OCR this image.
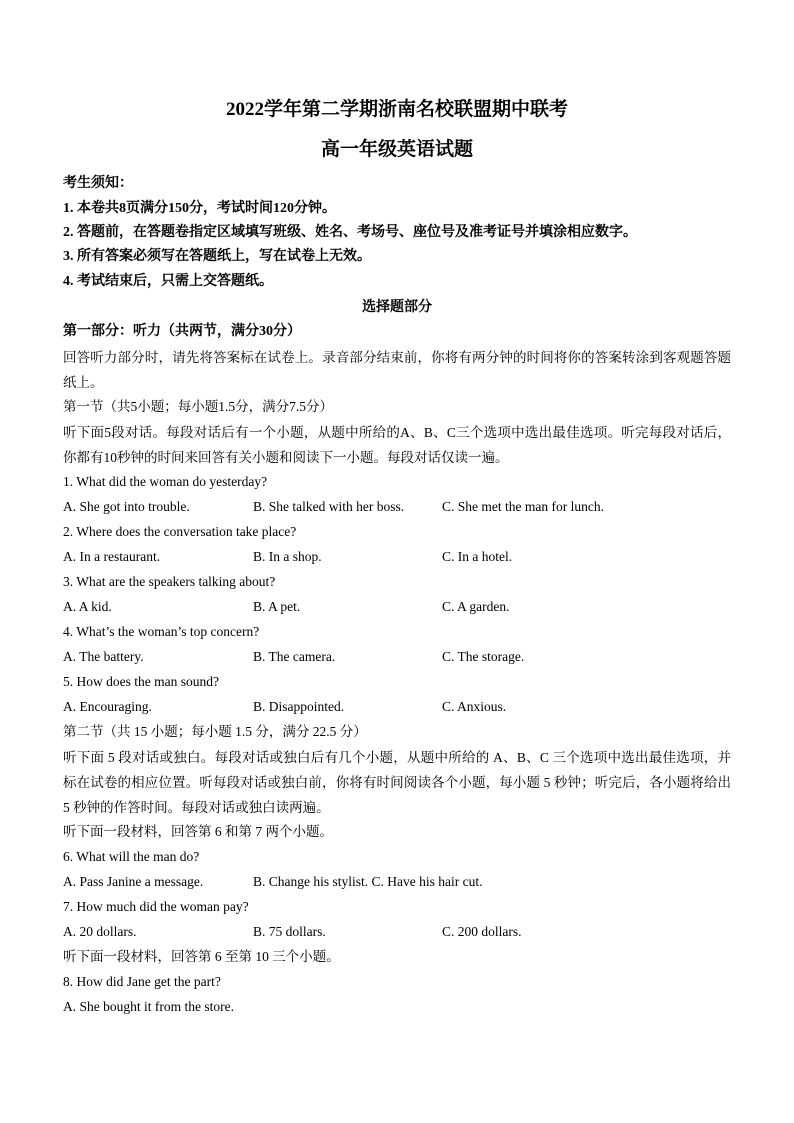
2022学年第二学期浙南名校联盟期中联考
高一年级英语试题
考生须知：
1. 本卷共8页满分150分，考试时间120分钟。
2. 答题前，在答题卷指定区域填写班级、姓名、考场号、座位号及准考证号并填涂相应数字。
3. 所有答案必须写在答题纸上，写在试卷上无效。
4. 考试结束后，只需上交答题纸。
选择题部分
第一部分：听力（共两节，满分30分）
回答听力部分时，请先将答案标在试卷上。录音部分结束前，你将有两分钟的时间将你的答案转涂到客观题答题纸上。
第一节（共5小题；每小题1.5分，满分7.5分）
听下面5段对话。每段对话后有一个小题，从题中所给的A、B、C三个选项中选出最佳选项。听完每段对话后，你都有10秒钟的时间来回答有关小题和阅读下一小题。每段对话仅读一遍。
1. What did the woman do yesterday?
A. She got into trouble.	B. She talked with her boss.	C. She met the man for lunch.
2. Where does the conversation take place?
A. In a restaurant.	B. In a shop.	C. In a hotel.
3. What are the speakers talking about?
A. A kid.	B. A pet.	C. A garden.
4. What’s the woman’s top concern?
A. The battery.	B. The camera.	C. The storage.
5. How does the man sound?
A. Encouraging.	B. Disappointed.	C. Anxious.
第二节（共 15 小题；每小题 1.5 分，满分 22.5 分）
听下面 5 段对话或独白。每段对话或独白后有几个小题，从题中所给的 A、B、C 三个选项中选出最佳选项，并标在试卷的相应位置。听每段对话或独白前，你将有时间阅读各个小题，每小题 5 秒钟；听完后，各小题将给出 5 秒钟的作答时间。每段对话或独白读两遍。
听下面一段材料，回答第 6 和第 7 两个小题。
6. What will the man do?
A. Pass Janine a message.	B. Change his stylist. C. Have his hair cut.
7. How much did the woman pay?
A. 20 dollars.	B. 75 dollars.	C. 200 dollars.
听下面一段材料，回答第 6 至第 10 三个小题。
8. How did Jane get the part?
A. She bought it from the store.
